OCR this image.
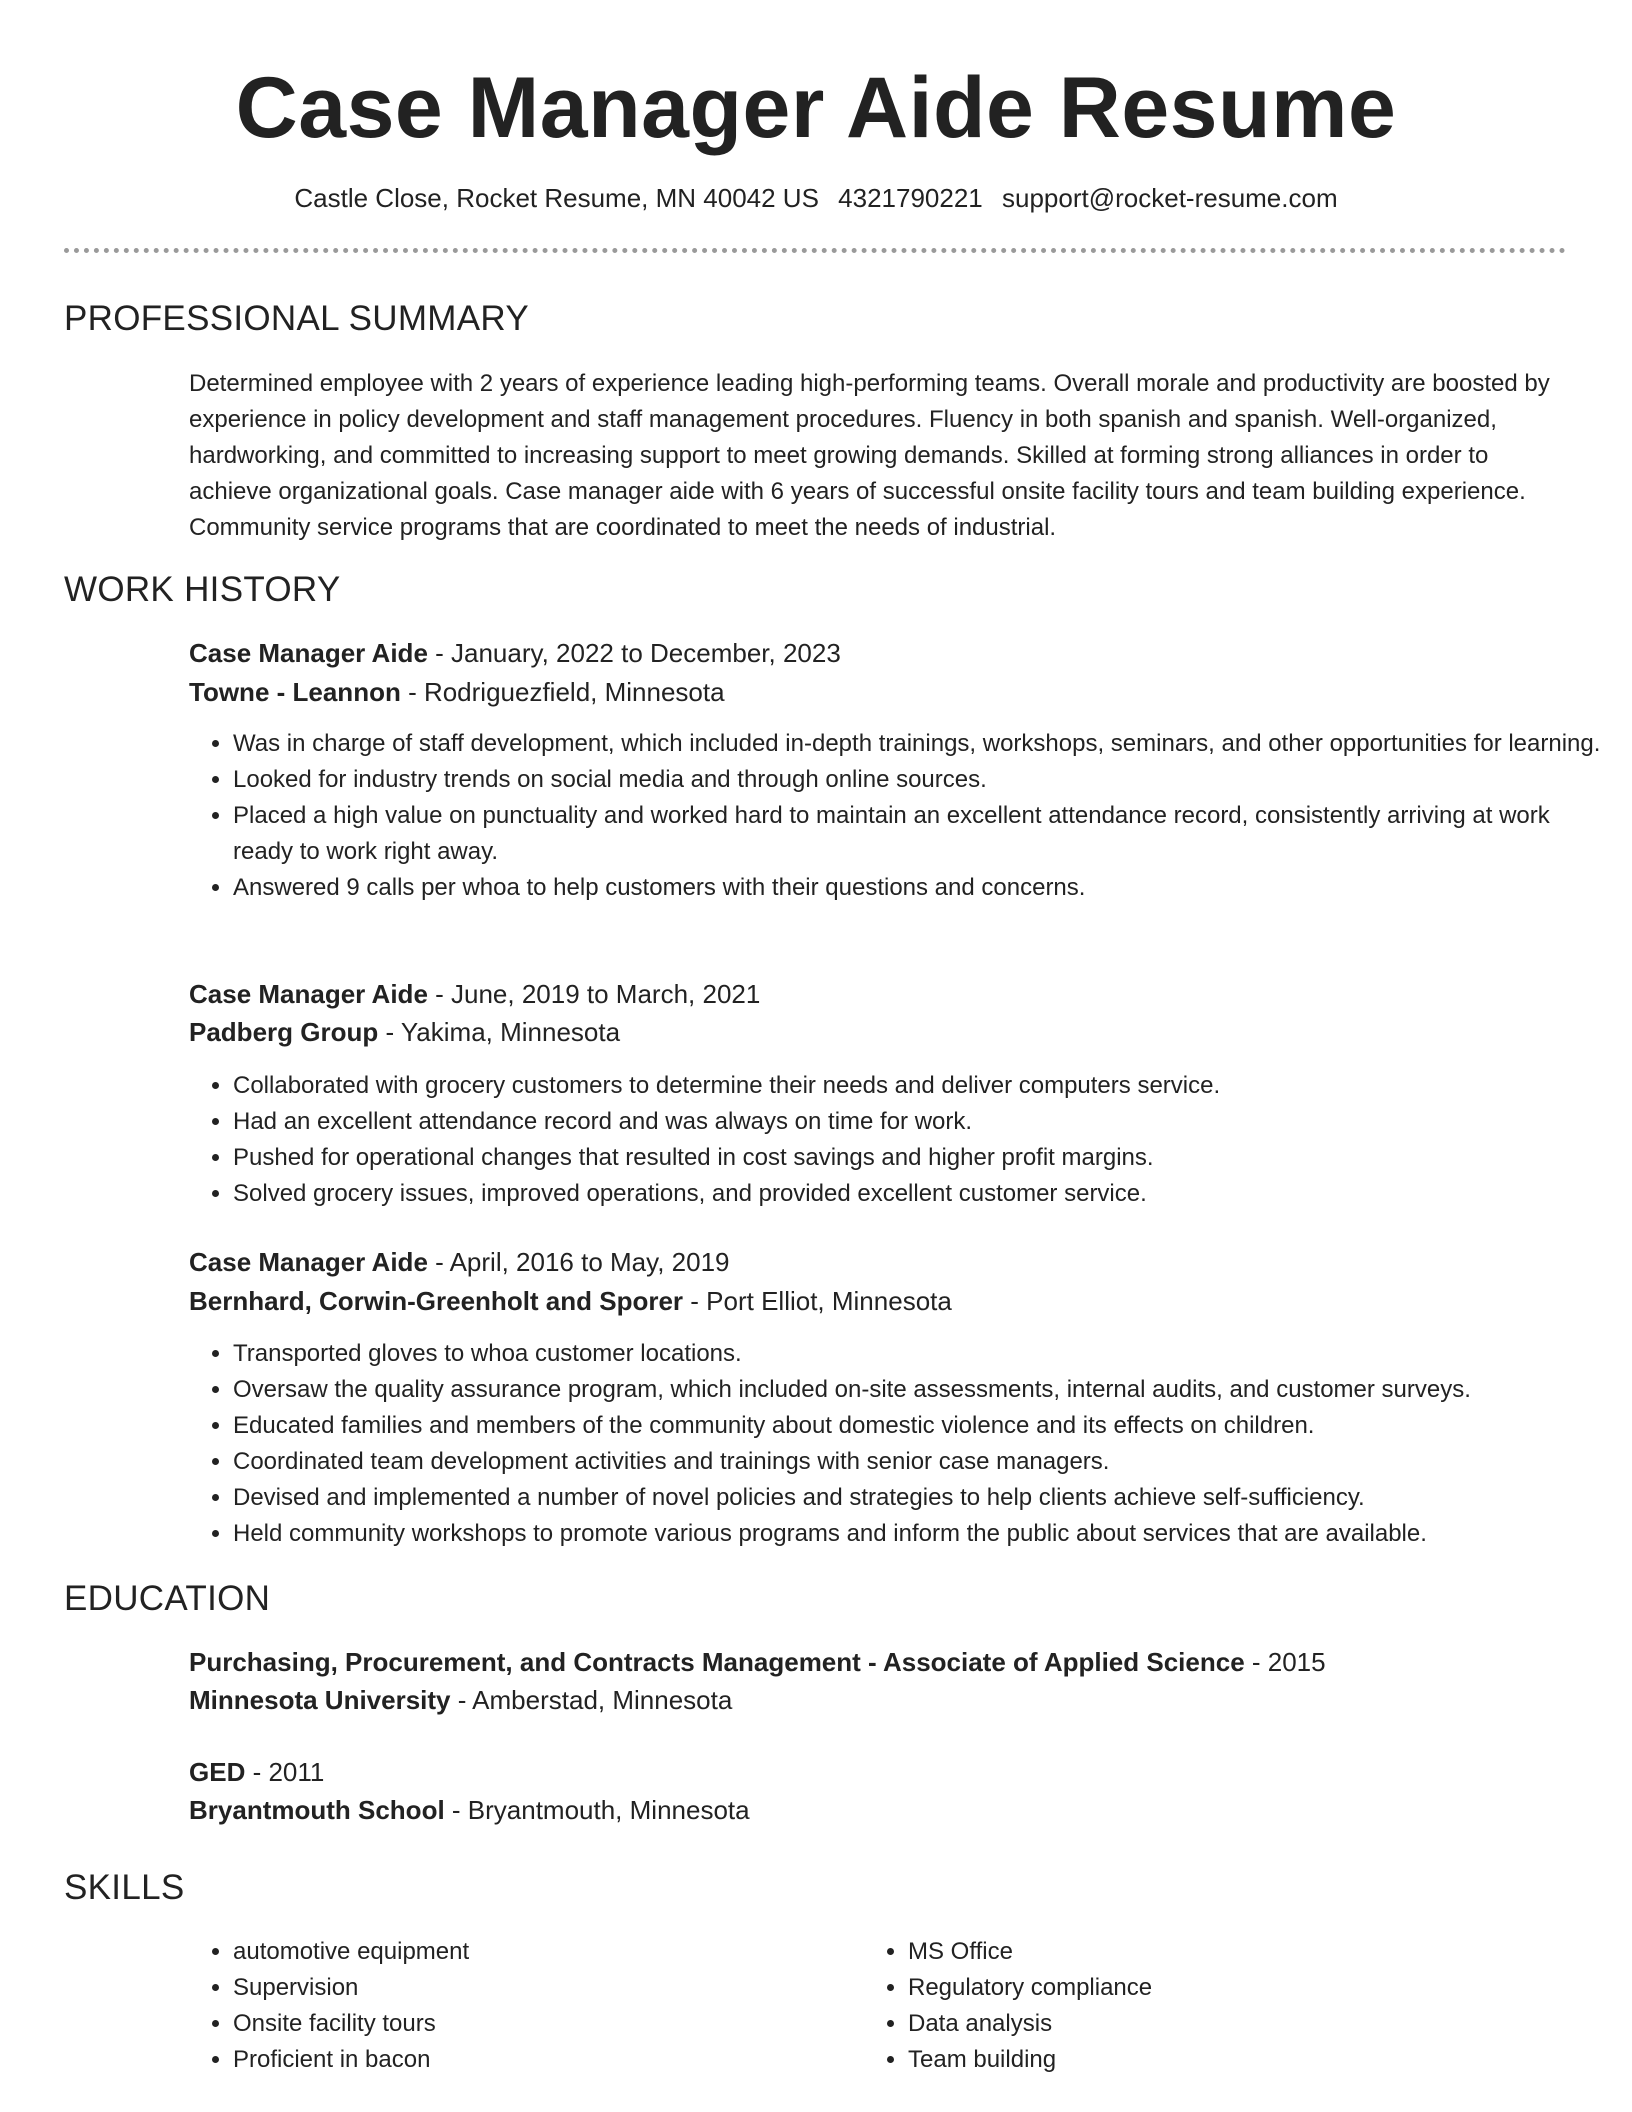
Case Manager Aide Resume
Castle Close, Rocket Resume, MN 40042 US 4321790221 support@rocket-resume.com
PROFESSIONAL SUMMARY

Determined employee with 2 years of experience leading high-performing teams. Overall morale and productivity are boosted by experience in policy development and staff management procedures. Fluency in both spanish and spanish. Well-organized, hardworking, and committed to increasing support to meet growing demands. Skilled at forming strong alliances in order to achieve organizational goals. Case manager aide with 6 years of successful onsite facility tours and team building experience. Community service programs that are coordinated to meet the needs of industrial.

WORK HISTORY
Case Manager Aide - January, 2022 to December, 2023
Towne - Leannon - Rodriguezfield, Minnesota
• Was in charge of staff development, which included in-depth trainings, workshops, seminars, and other opportunities for learning.
• Looked for industry trends on social media and through online sources.
• Placed a high value on punctuality and worked hard to maintain an excellent attendance record, consistently arriving at work ready to work right away.
• Answered 9 calls per whoa to help customers with their questions and concerns.
Case Manager Aide - June, 2019 to March, 2021
Padberg Group - Yakima, Minnesota
• Collaborated with grocery customers to determine their needs and deliver computers service.
• Had an excellent attendance record and was always on time for work.
• Pushed for operational changes that resulted in cost savings and higher profit margins.
• Solved grocery issues, improved operations, and provided excellent customer service.
Case Manager Aide - April, 2016 to May, 2019
Bernhard, Corwin-Greenholt and Sporer - Port Elliot, Minnesota
• Transported gloves to whoa customer locations.
• Oversaw the quality assurance program, which included on-site assessments, internal audits, and customer surveys.
• Educated families and members of the community about domestic violence and its effects on children.
• Coordinated team development activities and trainings with senior case managers.
• Devised and implemented a number of novel policies and strategies to help clients achieve self-sufficiency.
• Held community workshops to promote various programs and inform the public about services that are available.
EDUCATION
Purchasing, Procurement, and Contracts Management - Associate of Applied Science - 2015
Minnesota University - Amberstad, Minnesota
GED - 2011
Bryantmouth School - Bryantmouth, Minnesota
SKILLS
• automotive equipment
• Supervision
• Onsite facility tours
• Proficient in bacon
• MS Office
• Regulatory compliance
• Data analysis
• Team building
